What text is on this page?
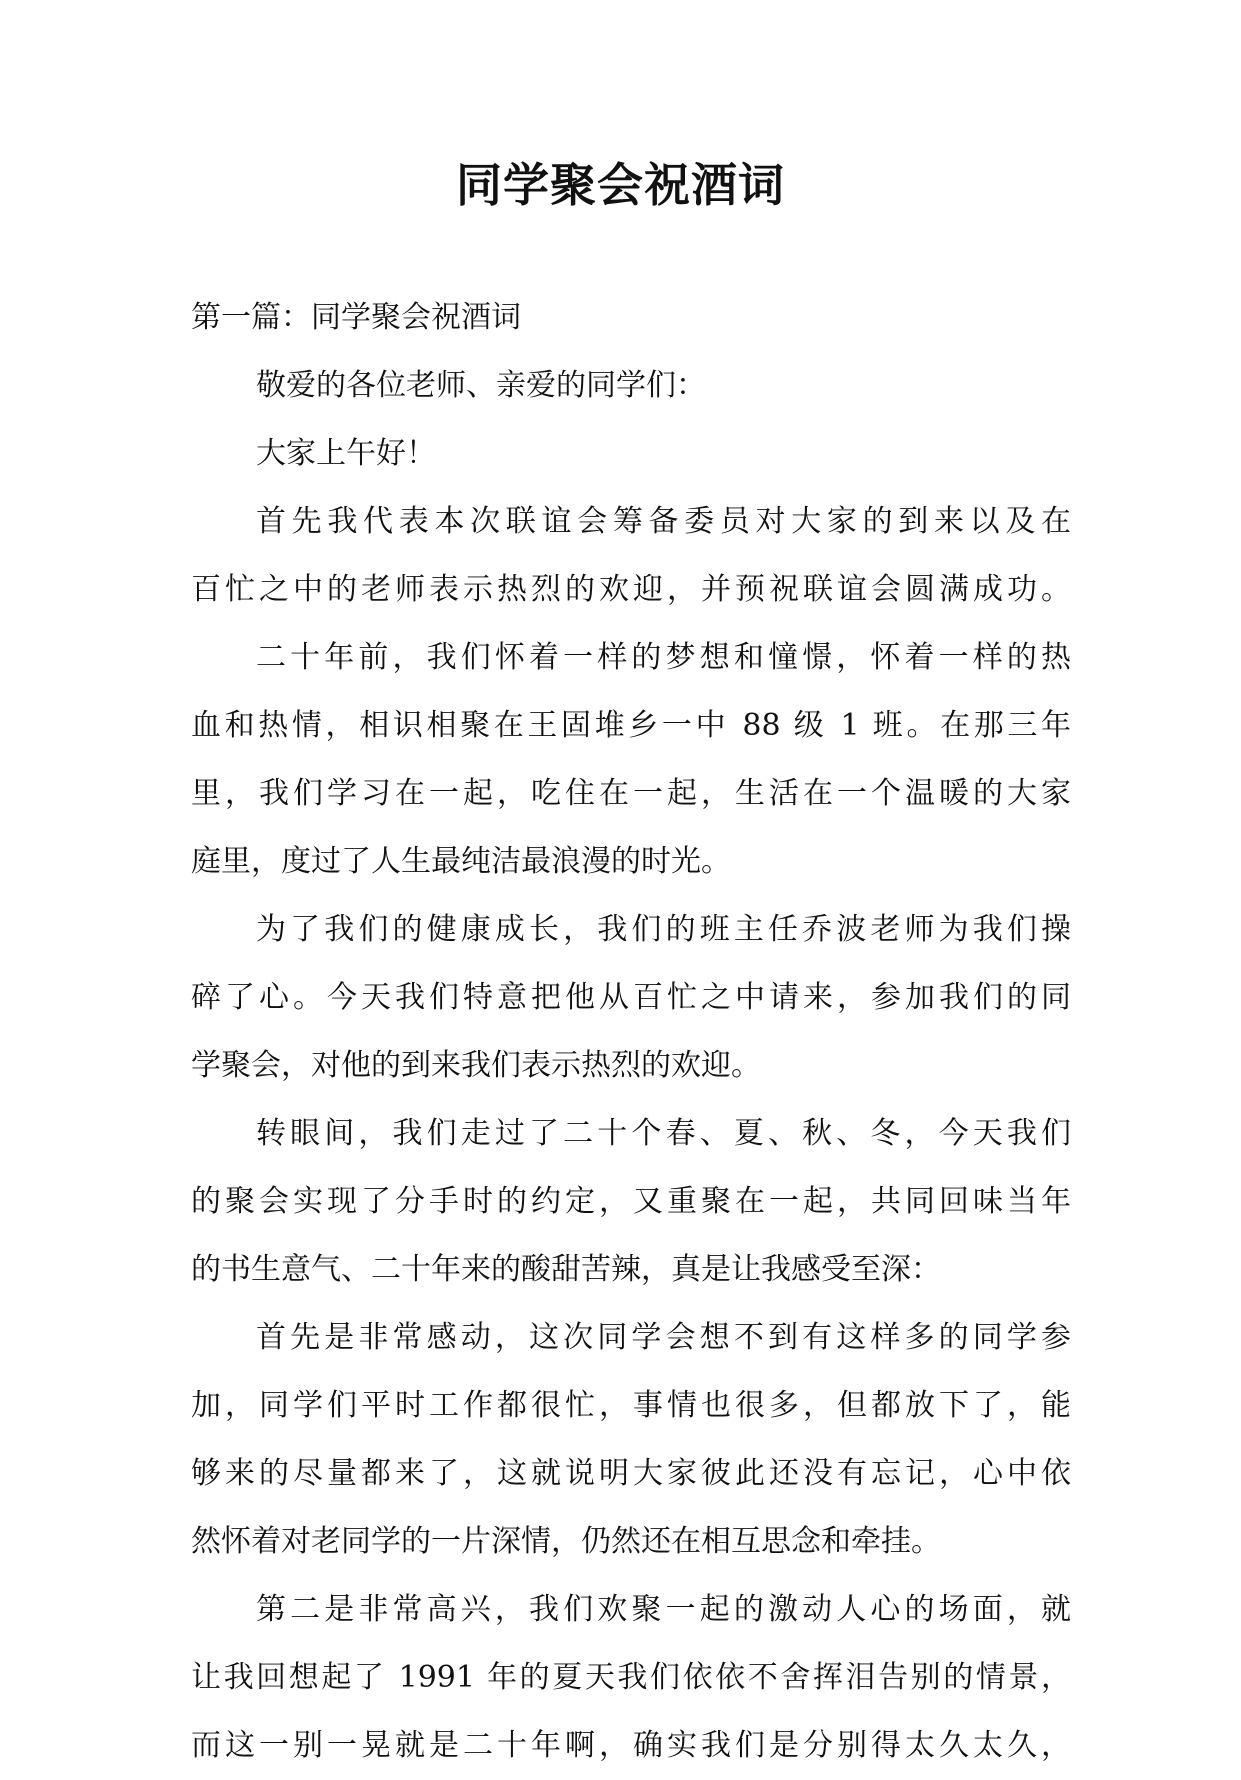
同学聚会祝酒词
第一篇：同学聚会祝酒词
敬爱的各位老师、亲爱的同学们：
大家上午好！
首先我代表本次联谊会筹备委员对大家的到来以及在
百忙之中的老师表示热烈的欢迎，并预祝联谊会圆满成功。
二十年前，我们怀着一样的梦想和憧憬，怀着一样的热
血和热情，相识相聚在王固堆乡一中 88 级 1 班。在那三年
里，我们学习在一起，吃住在一起，生活在一个温暖的大家
庭里，度过了人生最纯洁最浪漫的时光。
为了我们的健康成长，我们的班主任乔波老师为我们操
碎了心。今天我们特意把他从百忙之中请来，参加我们的同
学聚会，对他的到来我们表示热烈的欢迎。
转眼间，我们走过了二十个春、夏、秋、冬，今天我们
的聚会实现了分手时的约定，又重聚在一起，共同回味当年
的书生意气、二十年来的酸甜苦辣，真是让我感受至深：
首先是非常感动，这次同学会想不到有这样多的同学参
加，同学们平时工作都很忙，事情也很多，但都放下了，能
够来的尽量都来了，这就说明大家彼此还没有忘记，心中依
然怀着对老同学的一片深情，仍然还在相互思念和牵挂。
第二是非常高兴，我们欢聚一起的激动人心的场面，就
让我回想起了 1991 年的夏天我们依依不舍挥泪告别的情景，
而这一别一晃就是二十年啊，确实我们是分别得太久太久，
